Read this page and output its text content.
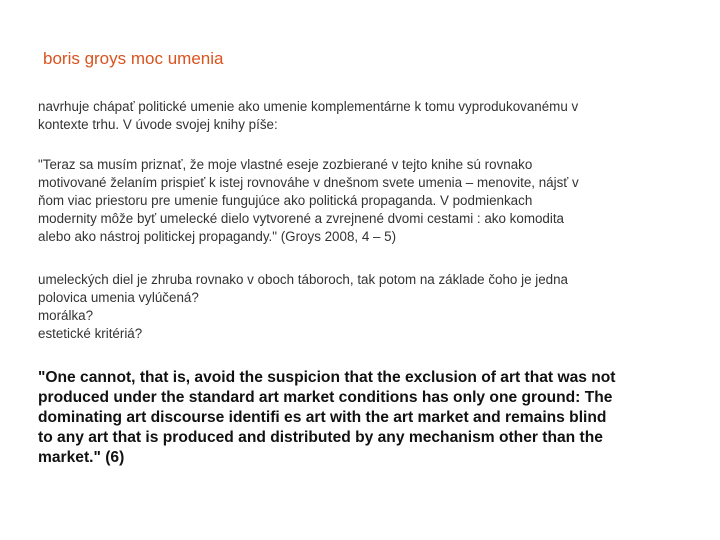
boris groys moc umenia
navrhuje chápať politické umenie ako umenie komplementárne k tomu vyprodukovanému v
kontexte trhu. V úvode svojej knihy píše:
"Teraz sa musím priznať, že moje vlastné eseje zozbierané v tejto knihe sú rovnako
motivované želaním prispieť k istej rovnováhe v dnešnom svete umenia – menovite, nájsť v
ňom viac priestoru pre umenie fungujúce ako politická propaganda. V podmienkach
modernity môže byť umelecké dielo vytvorené a zvrejnené dvomi cestami : ako komodita
alebo ako nástroj politickej propagandy." (Groys 2008, 4 – 5)
umeleckých diel je zhruba rovnako v oboch táboroch, tak potom na základe čoho je jedna
polovica umenia vylúčená?
morálka?
estetické kritériá?
"One cannot, that is, avoid the suspicion that the exclusion of art that was not
produced under the standard art market conditions has only one ground: The
dominating art discourse identifi es art with the art market and remains blind
to any art that is produced and distributed by any mechanism other than the
market." (6)
